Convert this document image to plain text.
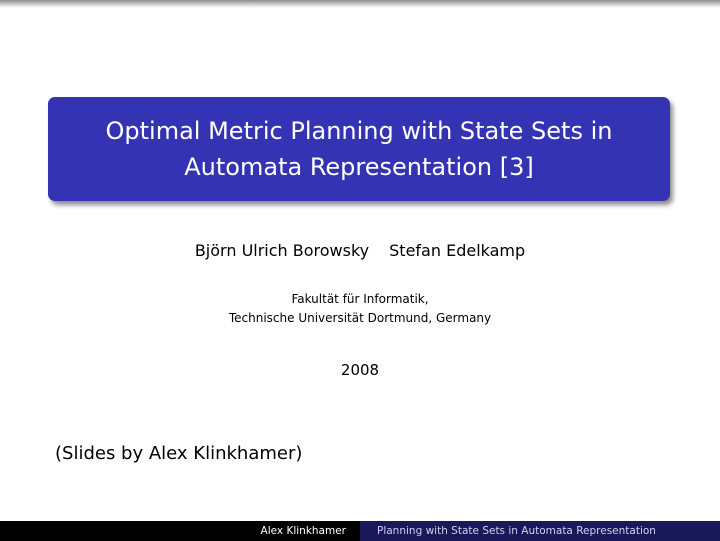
Optimal Metric Planning with State Sets in
Automata Representation [3]
Björn Ulrich Borowsky Stefan Edelkamp
Fakultät für Informatik,
Technische Universität Dortmund, Germany
2008
(Slides by Alex Klinkhamer)
Alex Klinkhamer	Planning with State Sets in Automata Representation
